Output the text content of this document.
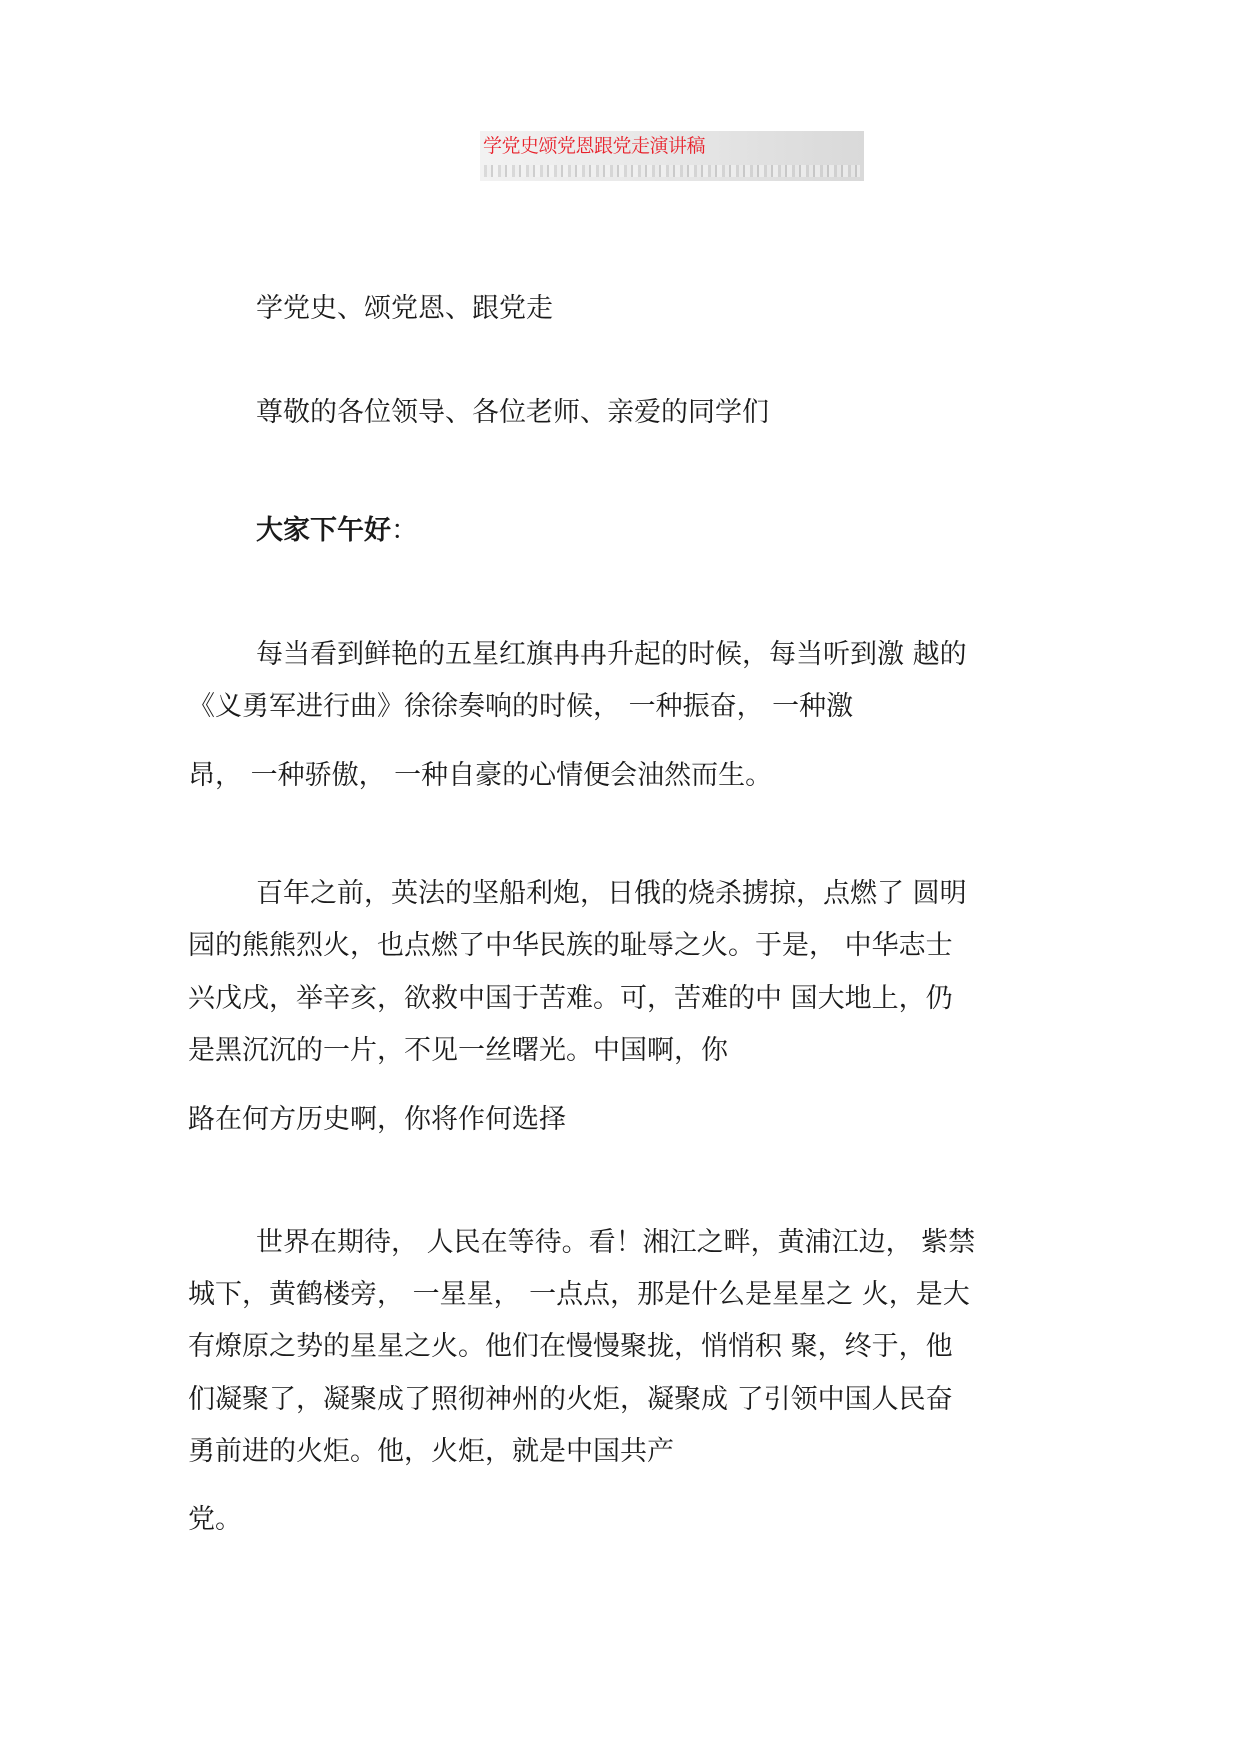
学党史颂党恩跟党走演讲稿

学党史、颂党恩、跟党走

尊敬的各位领导、各位老师、亲爱的同学们

大家下午好：

每当看到鲜艳的五星红旗冉冉升起的时候，每当听到激 越的

《义勇军进行曲》徐徐奏响的时候， 一种振奋， 一种激

昂， 一种骄傲， 一种自豪的心情便会油然而生。

百年之前，英法的坚船利炮，日俄的烧杀掳掠，点燃了 圆明

园的熊熊烈火，也点燃了中华民族的耻辱之火。于是， 中华志士

兴戊戌，举辛亥，欲救中国于苦难。可，苦难的中 国大地上，仍

是黑沉沉的一片，不见一丝曙光。中国啊，你

路在何方历史啊，你将作何选择

世界在期待， 人民在等待。看！湘江之畔，黄浦江边， 紫禁

城下，黄鹤楼旁， 一星星， 一点点，那是什么是星星之 火，是大

有燎原之势的星星之火。他们在慢慢聚拢，悄悄积 聚，终于，他

们凝聚了，凝聚成了照彻神州的火炬，凝聚成 了引领中国人民奋

勇前进的火炬。他，火炬，就是中国共产

党。
